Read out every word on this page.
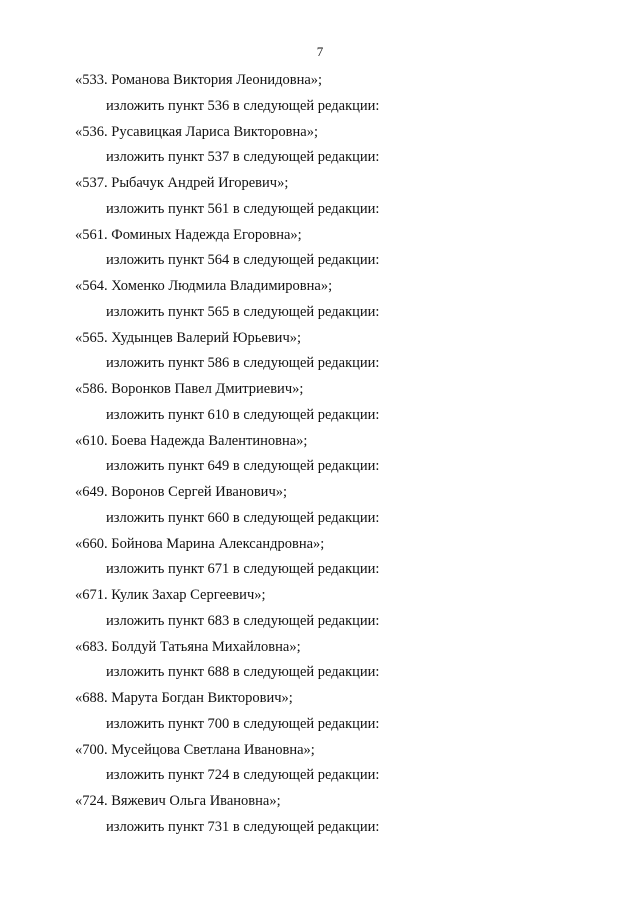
7
«533. Романова Виктория Леонидовна»;
изложить пункт 536 в следующей редакции:
«536. Русавицкая Лариса Викторовна»;
изложить пункт 537 в следующей редакции:
«537. Рыбачук Андрей Игоревич»;
изложить пункт 561 в следующей редакции:
«561. Фоминых Надежда Егоровна»;
изложить пункт 564 в следующей редакции:
«564. Хоменко Людмила Владимировна»;
изложить пункт 565 в следующей редакции:
«565. Худынцев Валерий Юрьевич»;
изложить пункт 586 в следующей редакции:
«586. Воронков Павел Дмитриевич»;
изложить пункт 610 в следующей редакции:
«610. Боева Надежда Валентиновна»;
изложить пункт 649 в следующей редакции:
«649. Воронов Сергей Иванович»;
изложить пункт 660 в следующей редакции:
«660. Бойнова Марина Александровна»;
изложить пункт 671 в следующей редакции:
«671. Кулик Захар Сергеевич»;
изложить пункт 683 в следующей редакции:
«683. Болдуй Татьяна Михайловна»;
изложить пункт 688 в следующей редакции:
«688. Марута Богдан Викторович»;
изложить пункт 700 в следующей редакции:
«700. Мусейцова Светлана Ивановна»;
изложить пункт 724 в следующей редакции:
«724. Вяжевич Ольга Ивановна»;
изложить пункт 731 в следующей редакции:
